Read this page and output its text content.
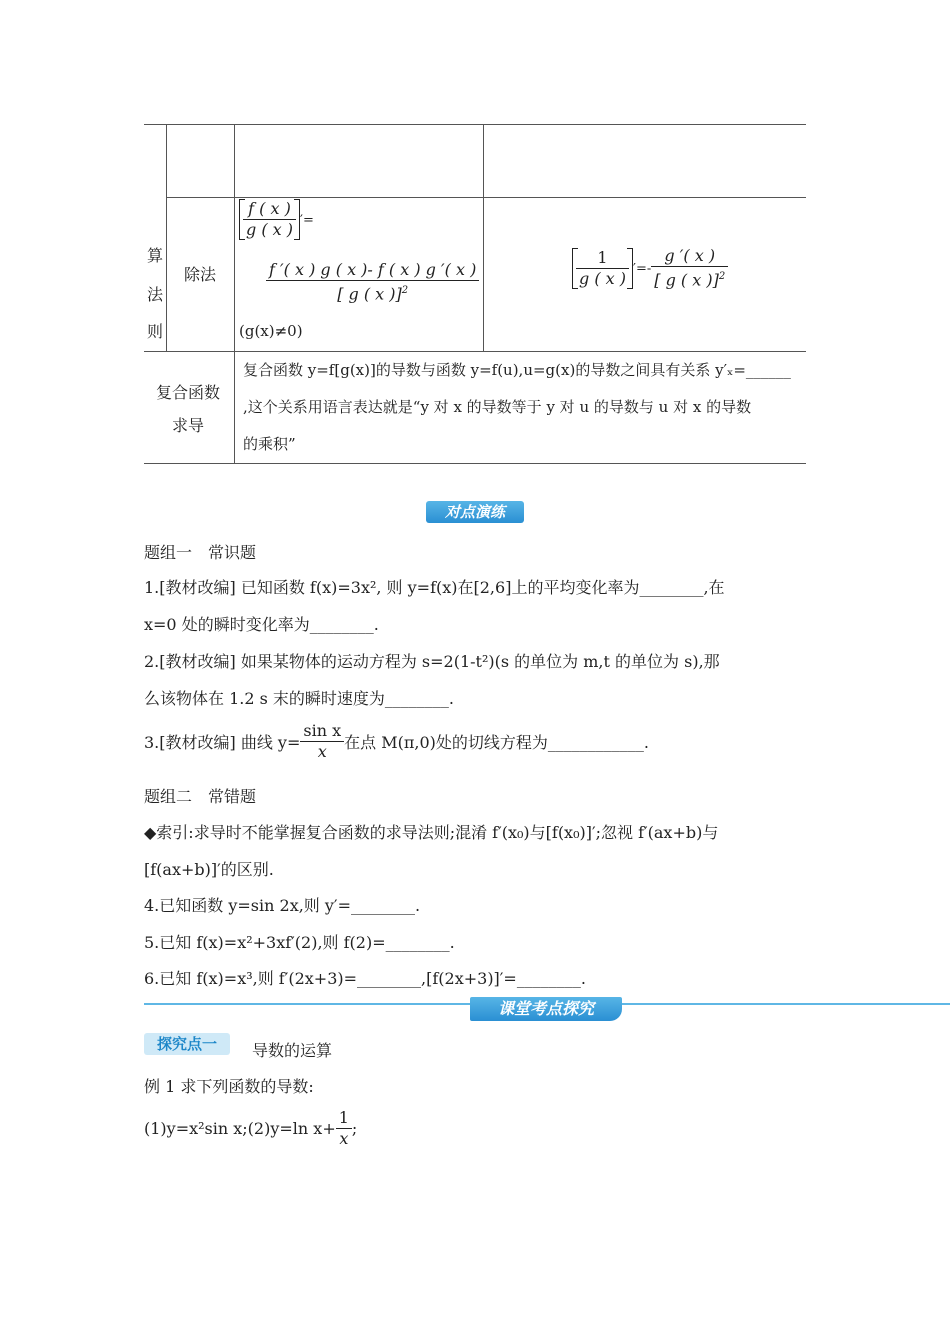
算
法
则
除法
$\frac{f ( x )}{g ( x )}$ ′=
$\frac{f '( x ) g ( x )- f ( x ) g '( x )}{[ g ( x )]^2}$
(g(x)≠0)
$\frac{1}{g ( x )}$ ′=- $\frac{g '( x )}{[ g ( x )]^2}$
复合函数
求导
复合函数 y=f[g(x)]的导数与函数 y=f(u),u=g(x)的导数之间具有关系 y′ₓ=______
,这个关系用语言表达就是“y 对 x 的导数等于 y 对 u 的导数与 u 对 x 的导数
的乘积”
对点演练
题组一　常识题
1.[教材改编] 已知函数 f(x)=3x², 则 y=f(x)在[2,6]上的平均变化率为________,在
x=0 处的瞬时变化率为________.
2.[教材改编] 如果某物体的运动方程为 s=2(1-t²)(s 的单位为 m,t 的单位为 s),那
么该物体在 1.2 s 末的瞬时速度为________.
3.[教材改编] 曲线 $y= \frac{\text{sin x}}{x}$ 在点 M(π,0)处的切线方程为____________.
题组二　常错题
◆索引:求导时不能掌握复合函数的求导法则;混淆 f′(x₀)与[f(x₀)]′;忽视 f′(ax+b)与
[f(ax+b)]′的区别.
4.已知函数 y=sin 2x,则 y′=________.
5.已知 f(x)=x²+3xf′(2),则 f(2)=________.
6.已知 f(x)=x³,则 f′(2x+3)=________,[f(2x+3)]′=________.
课堂考点探究
探究点一	导数的运算
例 1 求下列函数的导数:
(1)y=x²sin x;(2)y=ln $x+ \frac{1}{x}$ ;
